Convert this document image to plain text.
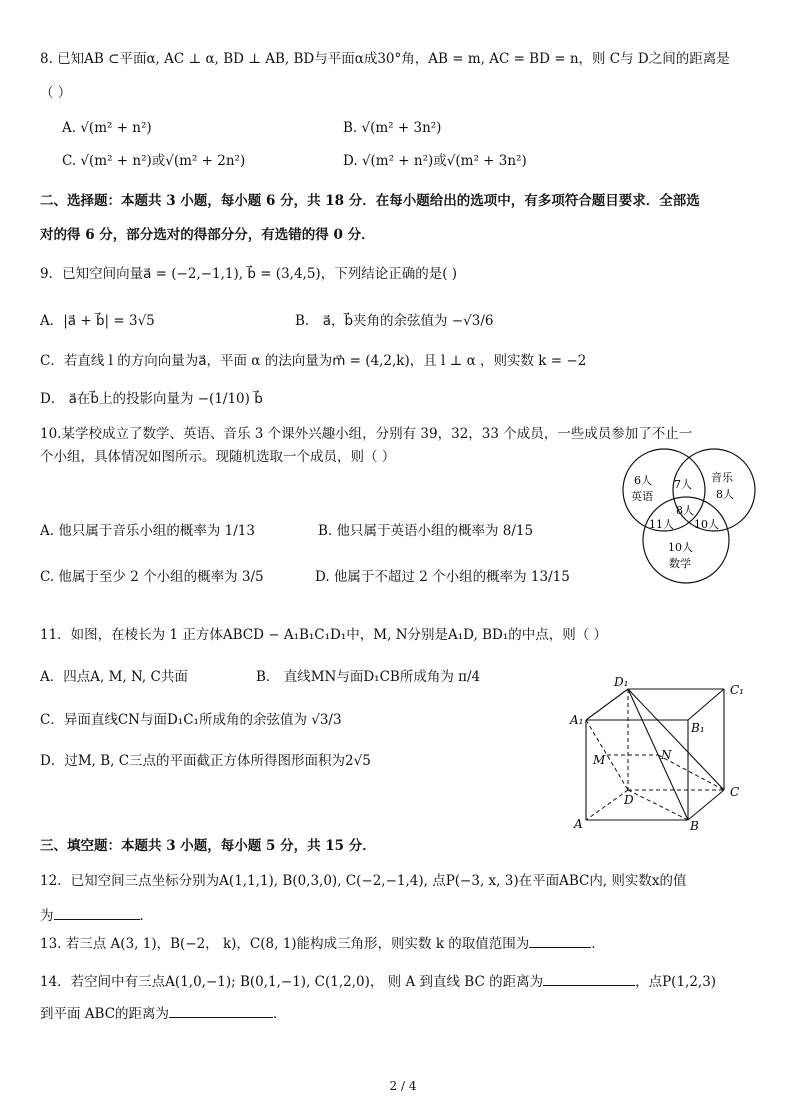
8. 已知AB ⊂平面α, AC ⊥ α, BD ⊥ AB, BD与平面α成30°角，AB = m, AC = BD = n，则 C与 D之间的距离是
（ ）
A. √(m² + n²)	B. √(m² + 3n²)
C. √(m² + n²)或√(m² + 2n²)	D. √(m² + n²)或√(m² + 3n²)
二、选择题：本题共 3 小题，每小题 6 分，共 18 分．在每小题给出的选项中，有多项符合题目要求．全部选
对的得 6 分，部分选对的得部分分，有选错的得 0 分．
9．已知空间向量a⃗ = (−2,−1,1), b⃗ = (3,4,5)，下列结论正确的是( )
A．|a⃗ + b⃗| = 3√5	B． a⃗，b⃗夹角的余弦值为 −√3/6
C．若直线 l 的方向向量为a⃗，平面 α 的法向量为m⃗ = (4,2,k)，且 l ⊥ α ，则实数 k = −2
D． a⃗在b⃗上的投影向量为 −(1/10) b⃗
10.某学校成立了数学、英语、音乐 3 个课外兴趣小组，分别有 39，32，33 个成员，一些成员参加了不止一
个小组，具体情况如图所示。现随机选取一个成员，则（ ）
A. 他只属于音乐小组的概率为 1/13	B. 他只属于英语小组的概率为 8/15
C. 他属于至少 2 个小组的概率为 3/5	D. 他属于不超过 2 个小组的概率为 13/15
6人
英语
7人
音乐
8人
8人
11人 10人
10人
数学
11．如图，在棱长为 1 正方体ABCD − A₁B₁C₁D₁中，M, N分别是A₁D, BD₁的中点，则（ ）
A．四点A, M, N, C共面	B． 直线MN与面D₁CB所成角为 π/4
C．异面直线CN与面D₁C₁所成角的余弦值为 √3/3
D．过M, B, C三点的平面截正方体所得图形面积为2√5
D₁
C₁
A₁
B₁
M	N
D
C
A	B
三、填空题：本题共 3 小题，每小题 5 分，共 15 分．
12．已知空间三点坐标分别为A(1,1,1), B(0,3,0), C(−2,−1,4), 点P(−3, x, 3)在平面ABC内, 则实数x的值
为	．
13. 若三点 A(3, 1)，B(−2， k)，C(8, 1)能构成三角形，则实数 k 的取值范围为	．
14．若空间中有三点A(1,0,−1); B(0,1,−1), C(1,2,0)， 则 A 到直线 BC 的距离为	，点P(1,2,3)
到平面 ABC的距离为	．
2 / 4
